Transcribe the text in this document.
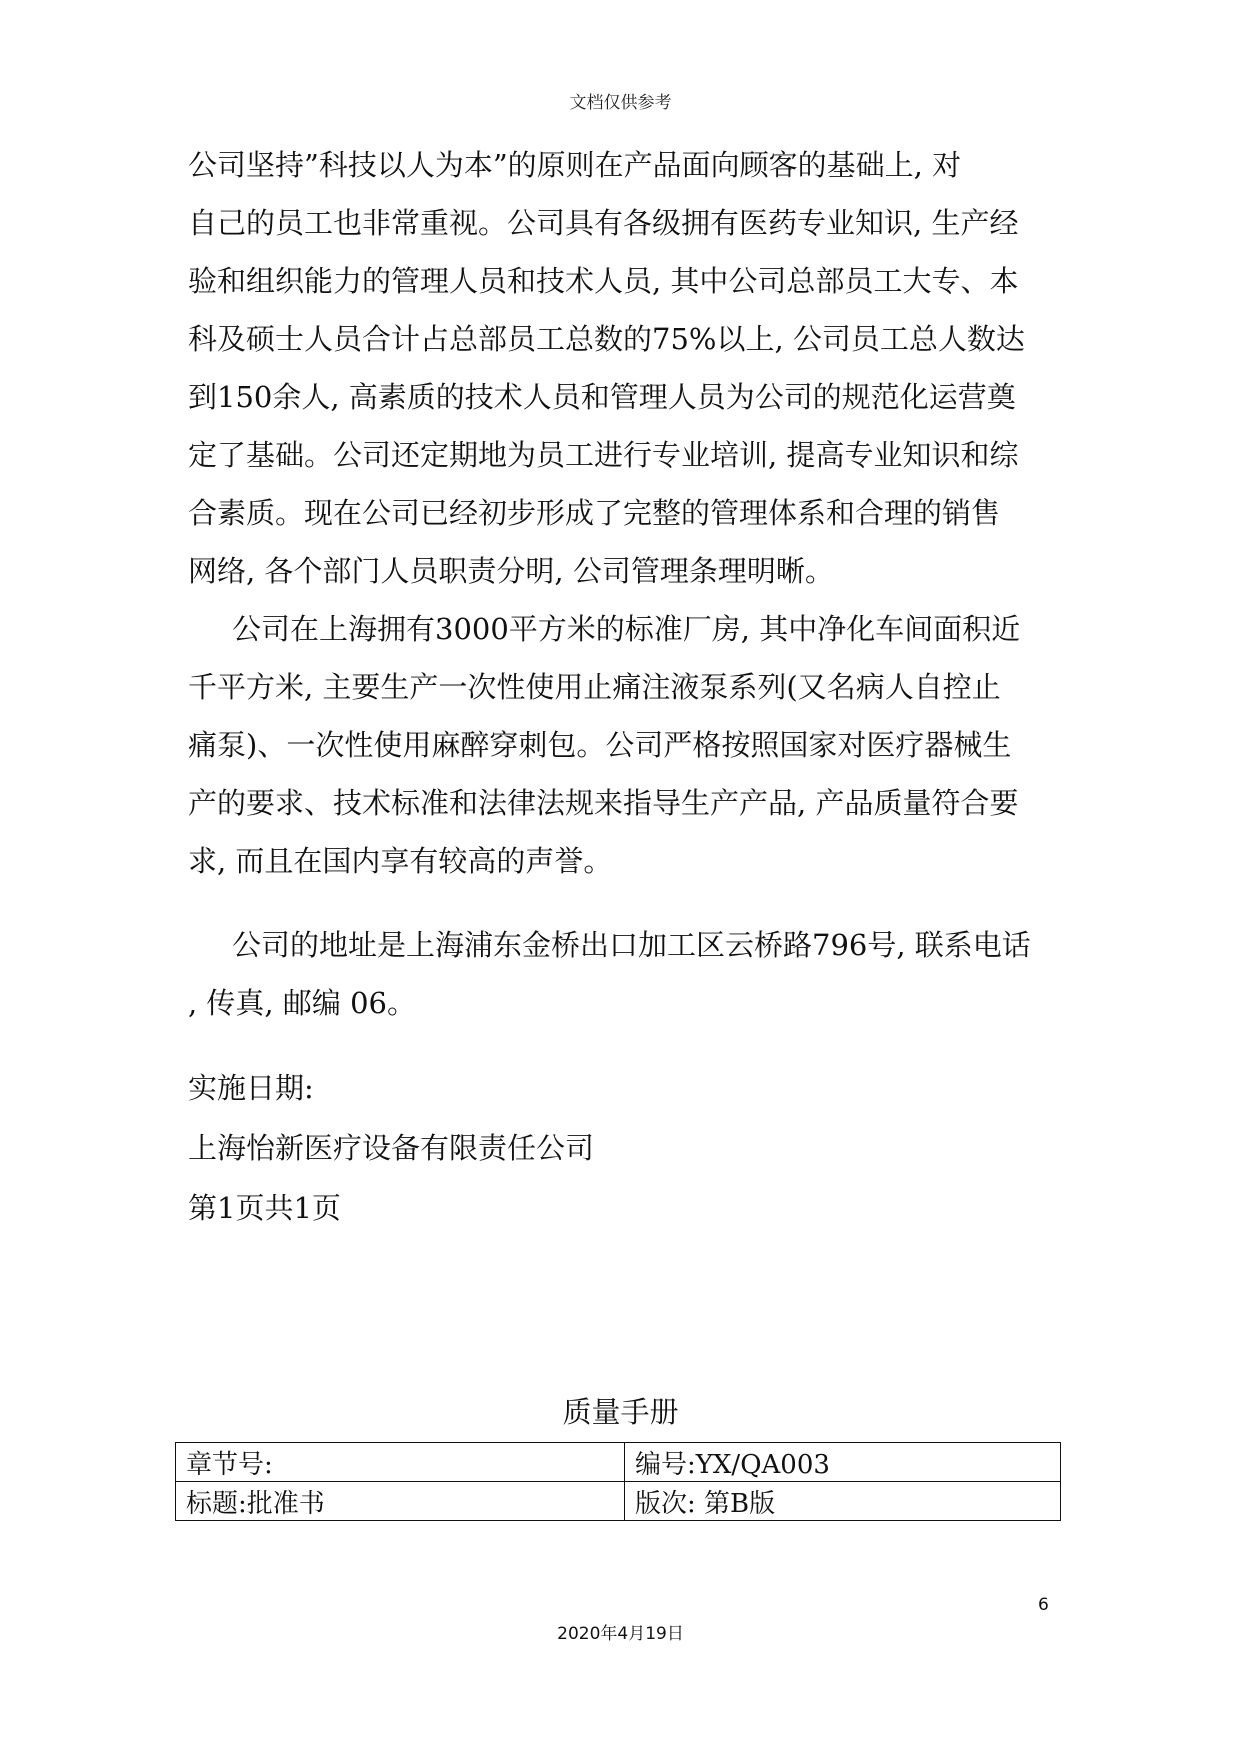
文档仅供参考
公司坚持”科技以人为本”的原则在产品面向顾客的基础上, 对
自己的员工也非常重视。公司具有各级拥有医药专业知识, 生产经
验和组织能力的管理人员和技术人员, 其中公司总部员工大专、本
科及硕士人员合计占总部员工总数的75%以上, 公司员工总人数达
到150余人, 高素质的技术人员和管理人员为公司的规范化运营奠
定了基础。公司还定期地为员工进行专业培训, 提高专业知识和综
合素质。现在公司已经初步形成了完整的管理体系和合理的销售
网络, 各个部门人员职责分明, 公司管理条理明晰。
公司在上海拥有3000平方米的标准厂房, 其中净化车间面积近
千平方米, 主要生产一次性使用止痛注液泵系列(又名病人自控止
痛泵)、一次性使用麻醉穿刺包。公司严格按照国家对医疗器械生
产的要求、技术标准和法律法规来指导生产产品, 产品质量符合要
求, 而且在国内享有较高的声誉。
公司的地址是上海浦东金桥出口加工区云桥路796号, 联系电话
, 传真, 邮编 06。
实施日期:
上海怡新医疗设备有限责任公司
第1页共1页
质量手册
章节号:	编号:YX/QA003
标题:批准书	版次: 第B版
6
2020年4月19日
